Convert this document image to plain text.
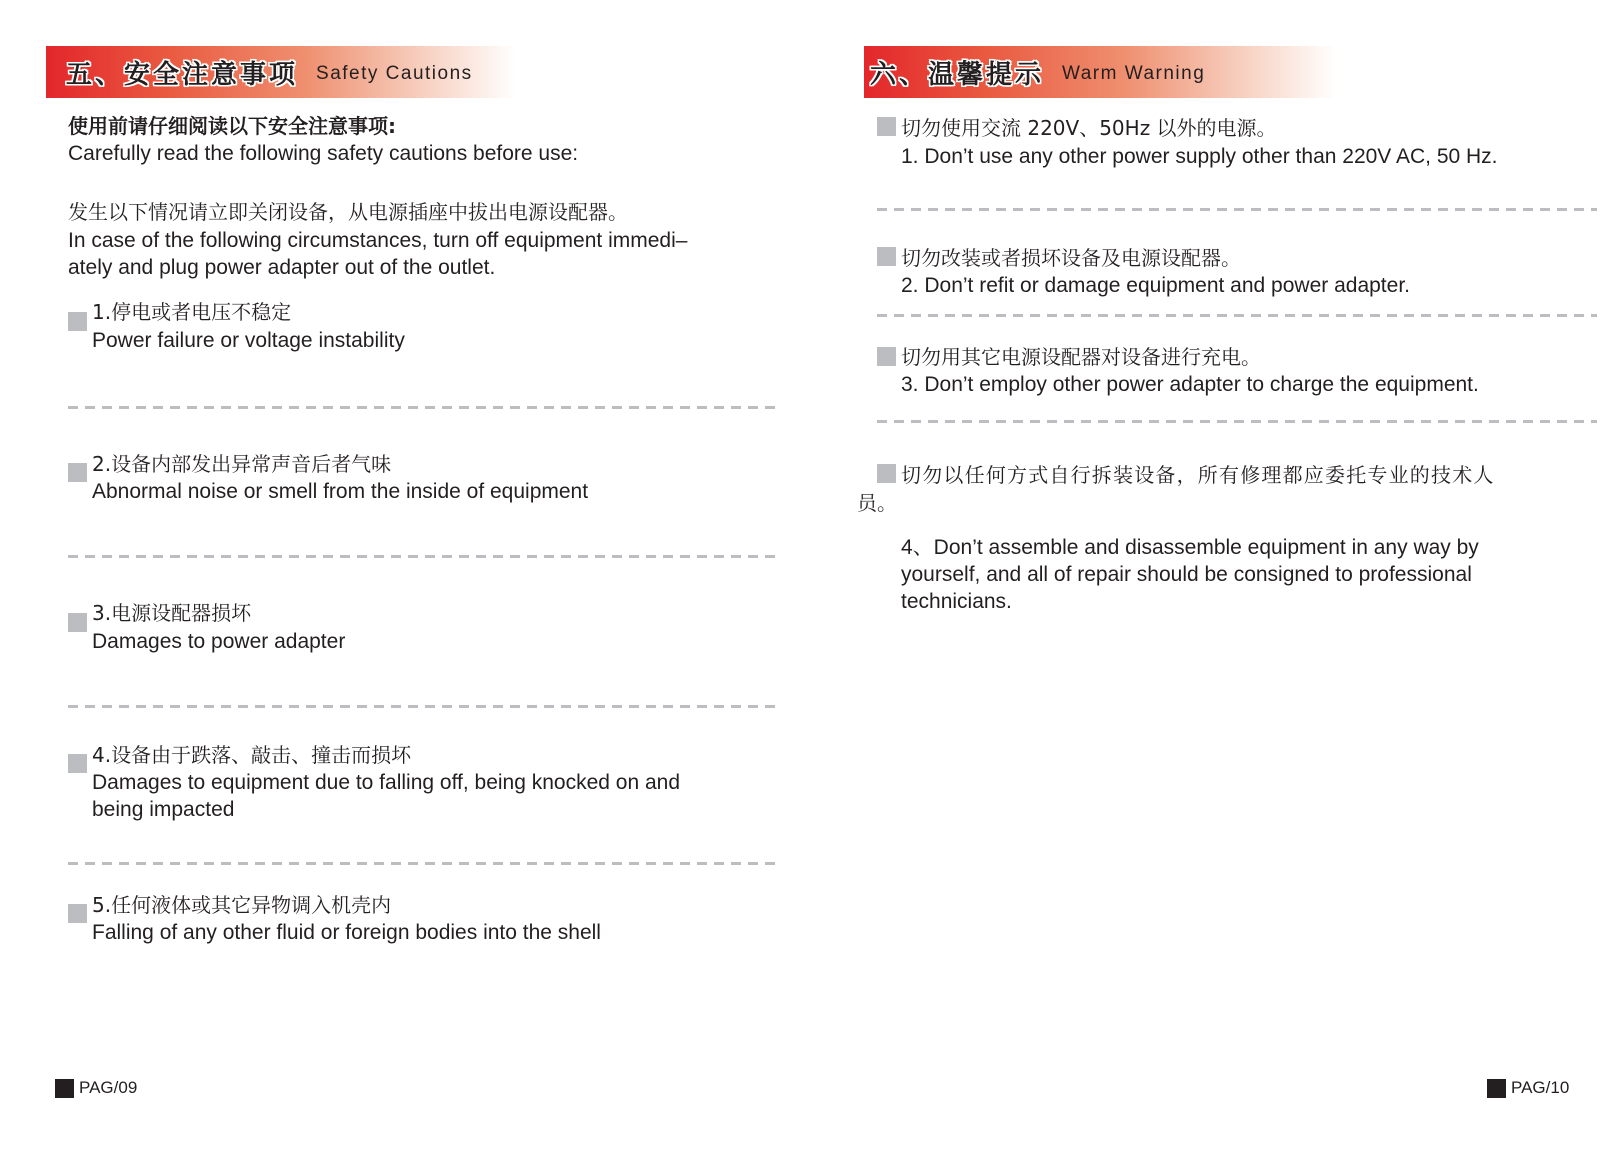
五、安全注意事项 Safety Cautions
使用前请仔细阅读以下安全注意事项:
Carefully read the following safety cautions before use:
发生以下情况请立即关闭设备，从电源插座中拔出电源设配器。
In case of the following circumstances, turn off equipment immedi–
ately and plug power adapter out of the outlet.
1.停电或者电压不稳定
Power failure or voltage instability
2.设备内部发出异常声音后者气味
Abnormal noise or smell from the inside of equipment
3.电源设配器损坏
Damages to power adapter
4.设备由于跌落、敲击、撞击而损坏
Damages to equipment due to falling off, being knocked on and
being impacted
5.任何液体或其它异物调入机壳内
Falling of any other fluid or foreign bodies into the shell
PAG/09
六、温馨提示 Warm Warning
切勿使用交流 220V、50Hz 以外的电源。
1. Don’t use any other power supply other than 220V AC, 50 Hz.
切勿改装或者损坏设备及电源设配器。
2. Don’t refit or damage equipment and power adapter.
切勿用其它电源设配器对设备进行充电。
3. Don’t employ other power adapter to charge the equipment.
切勿以任何方式自行拆装设备，所有修理都应委托专业的技术人
员。
4、Don’t assemble and disassemble equipment in any way by
yourself, and all of repair should be consigned to professional
technicians.
PAG/10
